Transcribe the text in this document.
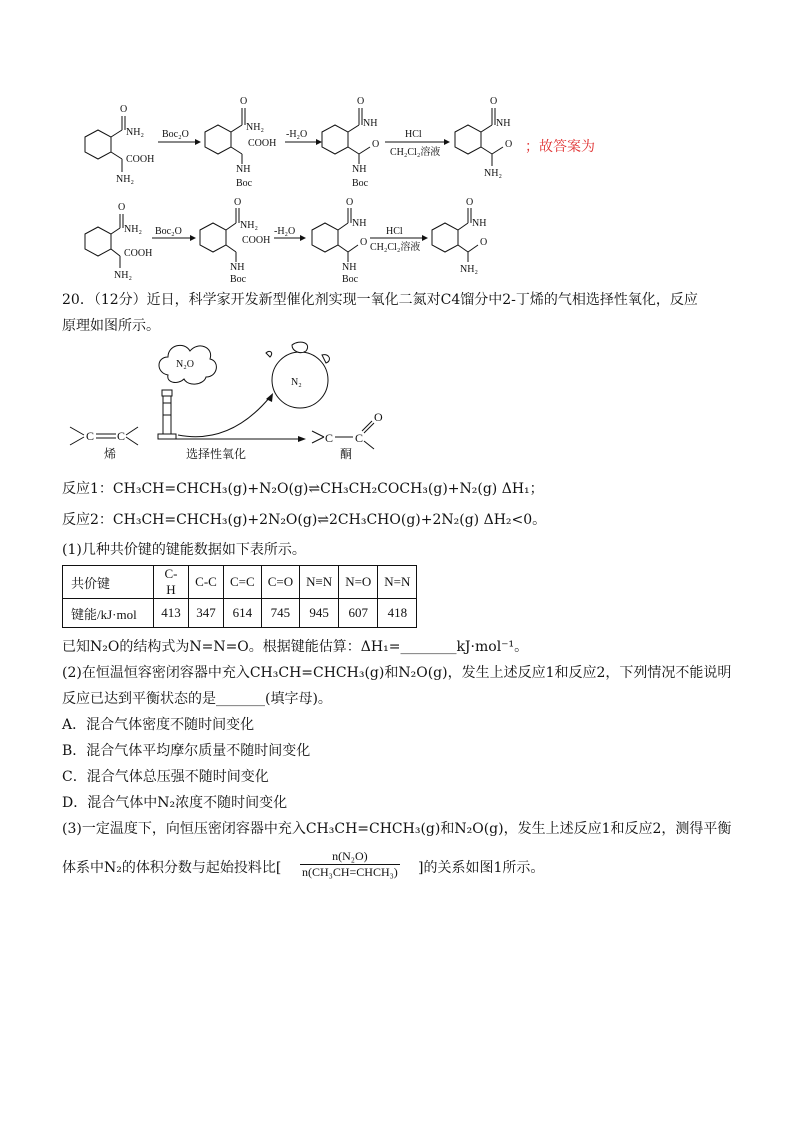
O
NH₂
COOH
NH₂
Boc₂O
O
NH₂
COOH
NH
Boc
-H₂O
O
NH
O
NH
Boc
HCl
CH₂Cl₂溶液
O
NH
O
NH₂
；故答案为
O
NH₂
COOH
NH₂
Boc₂O
O
NH₂
COOH
NH
Boc
-H₂O
O
NH
O
NH
Boc
HCl
CH₂Cl₂溶液
O
NH
O
NH₂
20．（12分）近日，科学家开发新型催化剂实现一氧化二氮对C4馏分中2-丁烯的气相选择性氧化，反应
原理如图所示。
N₂O
N₂
C C
烯	选择性氧化
C C
O
酮
反应1：CH₃CH=CHCH₃(g)+N₂O(g)⇌CH₃CH₂COCH₃(g)+N₂(g) ΔH₁；
反应2：CH₃CH=CHCH₃(g)+2N₂O(g)⇌2CH₃CHO(g)+2N₂(g) ΔH₂<0。
(1)几种共价键的键能数据如下表所示。
共价键	C-H	C-C	C=C	C=O	N≡N	N=O	N=N
键能/kJ·mol	413	347	614	745	945	607	418
已知N₂O的结构式为N=N=O。根据键能估算：ΔH₁=________kJ·mol⁻¹。
(2)在恒温恒容密闭容器中充入CH₃CH=CHCH₃(g)和N₂O(g)，发生上述反应1和反应2，下列情况不能说明
反应已达到平衡状态的是_______(填字母)。
A．混合气体密度不随时间变化
B．混合气体平均摩尔质量不随时间变化
C．混合气体总压强不随时间变化
D．混合气体中N₂浓度不随时间变化
(3)一定温度下，向恒压密闭容器中充入CH₃CH=CHCH₃(g)和N₂O(g)，发生上述反应1和反应2，测得平衡
体系中N₂的体积分数与起始投料比[
n(N₂O)
n(CH₃CH=CHCH₃) ]的关系如图1所示。
